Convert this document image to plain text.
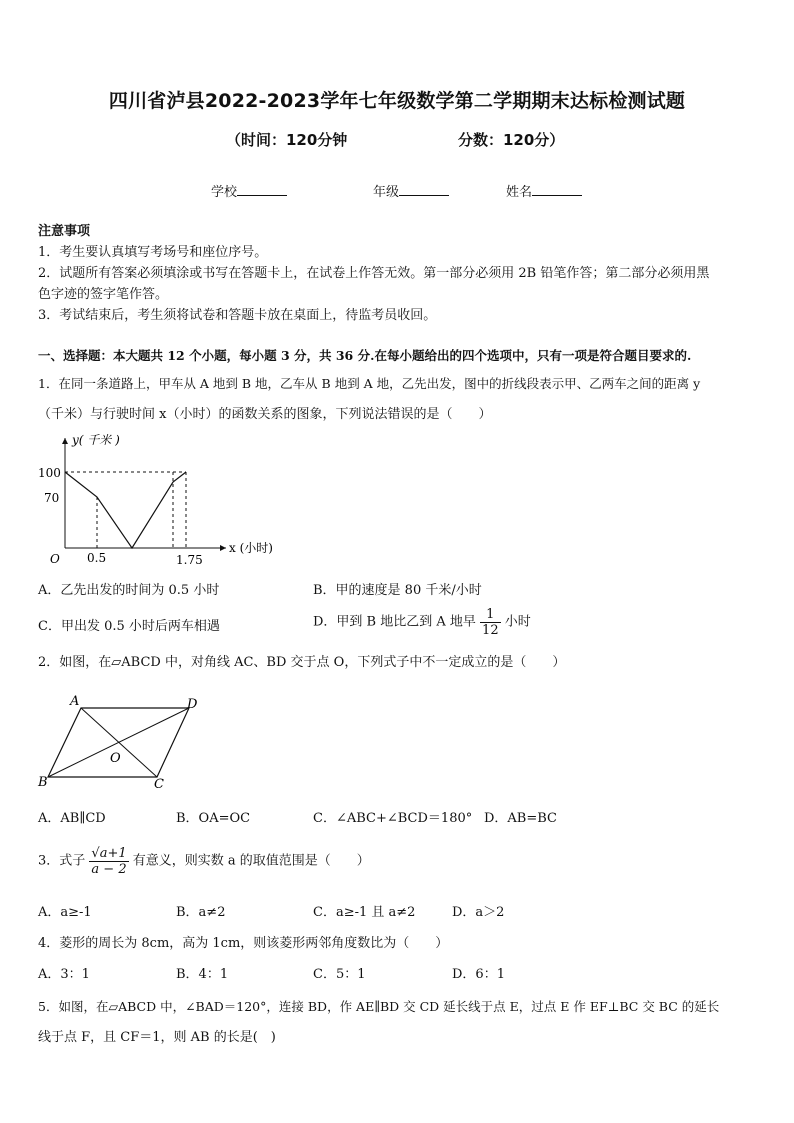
四川省泸县2022-2023学年七年级数学第二学期期末达标检测试题
（时间：120分钟	分数：120分）
学校	年级	姓名
注意事项
1．考生要认真填写考场号和座位序号。
2．试题所有答案必须填涂或书写在答题卡上，在试卷上作答无效。第一部分必须用 2B 铅笔作答；第二部分必须用黑
色字迹的签字笔作答。
3．考试结束后，考生须将试卷和答题卡放在桌面上，待监考员收回。
一、选择题：本大题共 12 个小题，每小题 3 分，共 36 分.在每小题给出的四个选项中，只有一项是符合题目要求的.
1．在同一条道路上，甲车从 A 地到 B 地，乙车从 B 地到 A 地，乙先出发，图中的折线段表示甲、乙两车之间的距离 y
（千米）与行驶时间 x（小时）的函数关系的图象，下列说法错误的是（　　）
y( 千米 )
x (小时)
O
100
70
0.5	1.75
A．乙先出发的时间为 0.5 小时	B．甲的速度是 80 千米/小时
C．甲出发 0.5 小时后两车相遇	D．甲到 B 地比乙到 A 地早 $\frac{1}{12}$ 小时
2．如图，在▱ABCD 中，对角线 AC、BD 交于点 O，下列式子中不一定成立的是（　　）
A	D
B	C
O
A．AB∥CD	B．OA=OC	C．∠ABC+∠BCD＝180° D．AB=BC
3．式子 $\frac{√a+1}{a - 2}$ 有意义，则实数 a 的取值范围是（　　）
A．a≥-1	B．a≠2	C．a≥-1 且 a≠2	D．a＞2
4．菱形的周长为 8cm，高为 1cm，则该菱形两邻角度数比为（　　）
A．3：1	B．4：1	C．5：1	D．6：1
5．如图，在▱ABCD 中，∠BAD＝120°，连接 BD，作 AE∥BD 交 CD 延长线于点 E，过点 E 作 EF⊥BC 交 BC 的延长
线于点 F，且 CF＝1，则 AB 的长是(　)
